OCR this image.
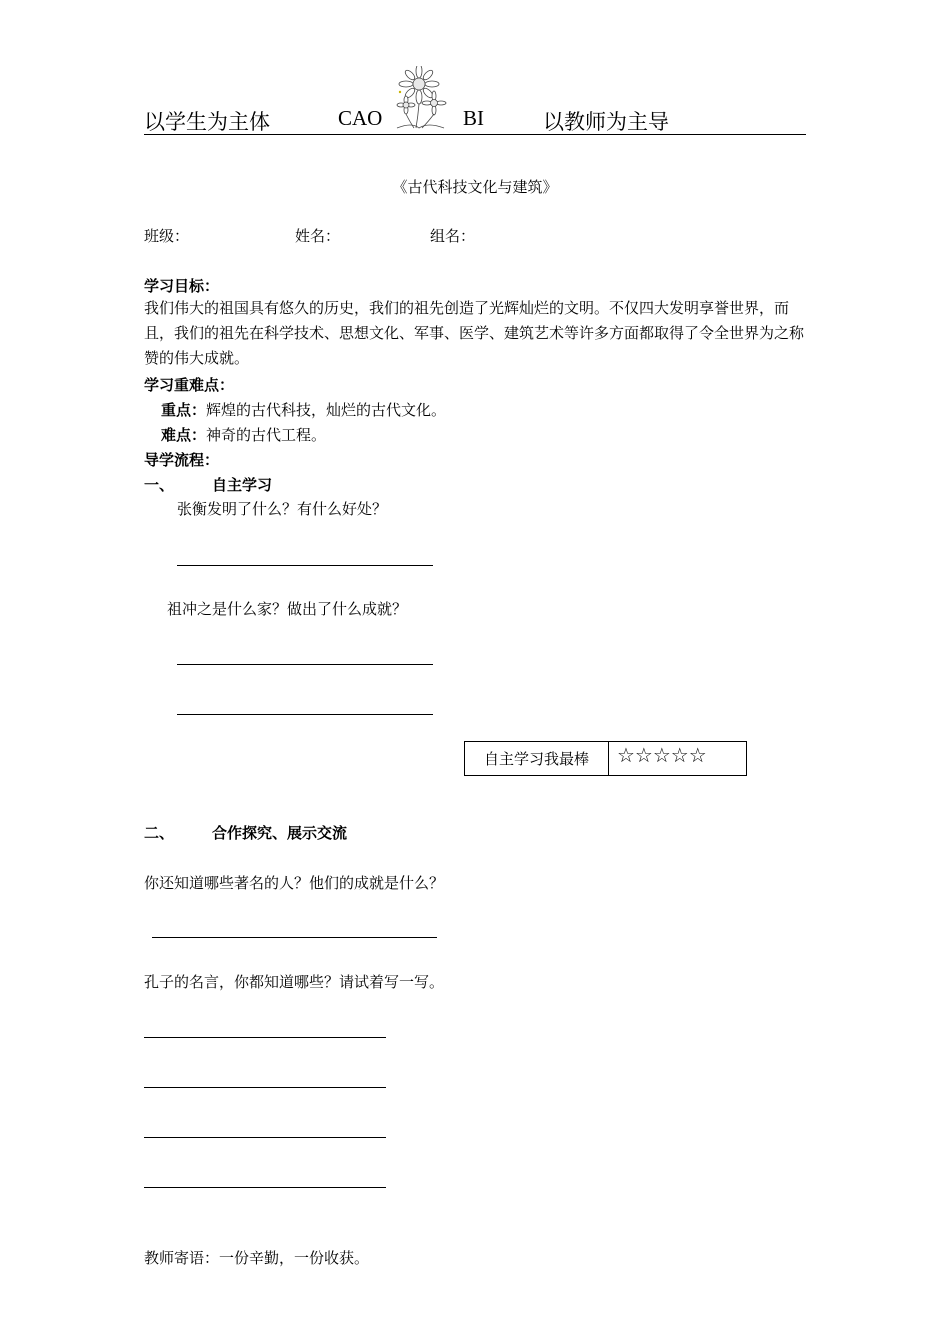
以学生为主体	CAO	BI	以教师为主导
《古代科技文化与建筑》
班级：	姓名：	组名：
学习目标：
我们伟大的祖国具有悠久的历史，我们的祖先创造了光辉灿烂的文明。不仅四大发明享誉世界，而且，我们的祖先在科学技术、思想文化、军事、医学、建筑艺术等许多方面都取得了令全世界为之称赞的伟大成就。
学习重难点：
重点：辉煌的古代科技，灿烂的古代文化。
难点：神奇的古代工程。
导学流程：
一、	自主学习
张衡发明了什么？有什么好处？
祖冲之是什么家？做出了什么成就？
自主学习我最棒	☆☆☆☆☆
二、	合作探究、展示交流
你还知道哪些著名的人？他们的成就是什么？
孔子的名言，你都知道哪些？请试着写一写。
教师寄语：一份辛勤，一份收获。
